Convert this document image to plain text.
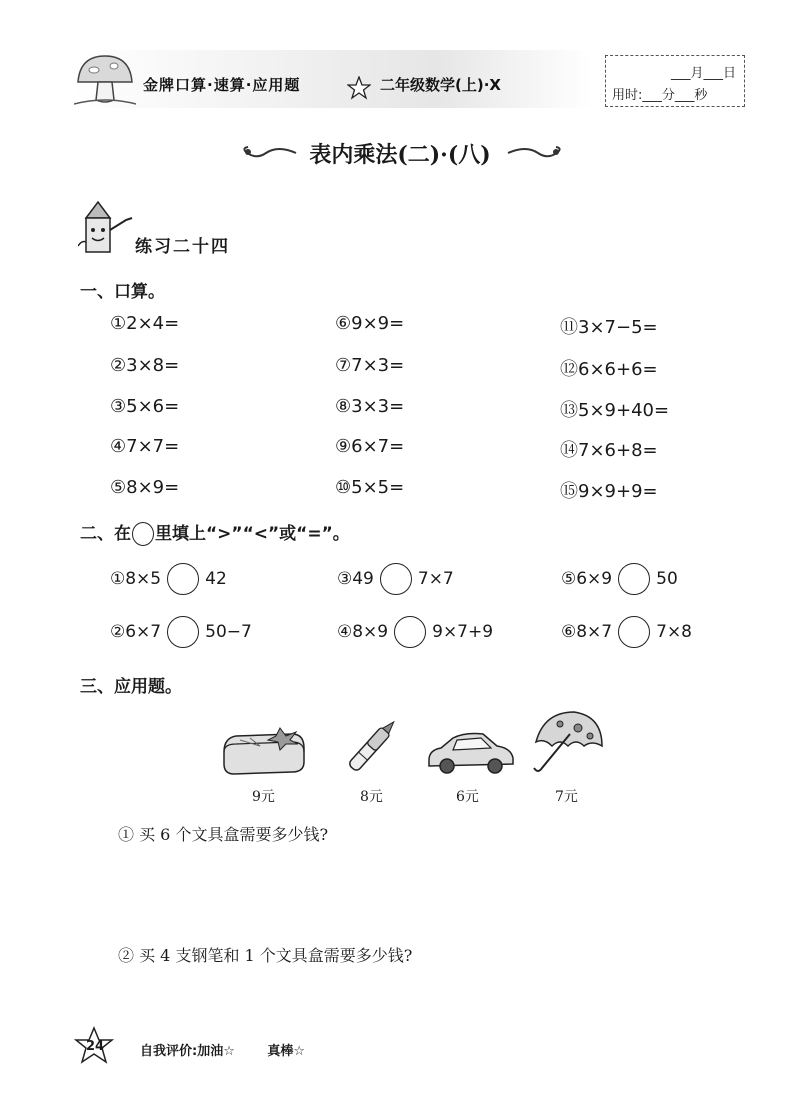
金牌口算·速算·应用题	二年级数学(上)·X
___月___日
用时:___分___秒
表内乘法(二)·(八)
练习二十四
一、口算。
①2×4=
②3×8=
③5×6=
④7×7=
⑤8×9=
⑥9×9=
⑦7×3=
⑧3×3=
⑨6×7=
⑩5×5=
⑪3×7−5=
⑫6×6+6=
⑬5×9+40=
⑭7×6+8=
⑮9×9+9=
二、在 里填上“>”“<”或“=”。
①8×5	42
②6×7	50−7
③49	7×7
④8×9	9×7+9
⑤6×9	50
⑥8×7	7×8
三、应用题。
9元	8元	6元	7元
① 买 6 个文具盒需要多少钱?
② 买 4 支钢笔和 1 个文具盒需要多少钱?
24	自我评价:加油☆	真棒☆
